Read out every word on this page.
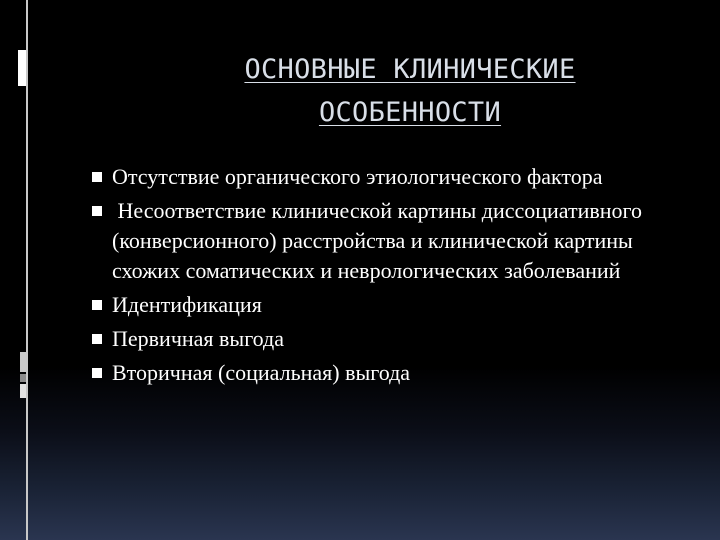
ОСНОВНЫЕ КЛИНИЧЕСКИЕ
ОСОБЕННОСТИ
Отсутствие органического этиологического фактора
Несоответствие клинической картины диссоциативного (конверсионного) расстройства и клинической картины схожих соматических и неврологических заболеваний
Идентификация
Первичная выгода
Вторичная (социальная) выгода
